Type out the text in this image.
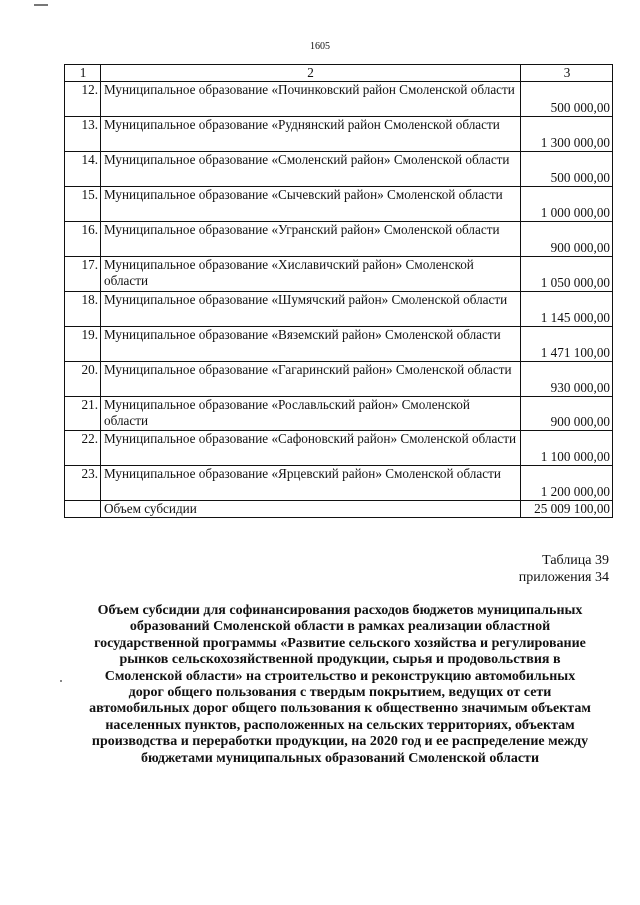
1605
1	2	3
12.	Муниципальное образование «Починковский район Смоленской области	500 000,00
13.	Муниципальное образование «Руднянский район Смоленской области	1 300 000,00
14.	Муниципальное образование «Смоленский район» Смоленской области	500 000,00
15.	Муниципальное образование «Сычевский район» Смоленской области	1 000 000,00
16.	Муниципальное образование «Угранский район» Смоленской области	900 000,00
17.	Муниципальное образование «Хиславичский район» Смоленской области	1 050 000,00
18.	Муниципальное образование «Шумячский район» Смоленской области	1 145 000,00
19.	Муниципальное образование «Вяземский район» Смоленской области	1 471 100,00
20.	Муниципальное образование «Гагаринский район» Смоленской области	930 000,00
21.	Муниципальное образование «Рославльский район» Смоленской области	900 000,00
22.	Муниципальное образование «Сафоновский район» Смоленской области	1 100 000,00
23.	Муниципальное образование «Ярцевский район» Смоленской области	1 200 000,00
	Объем субсидии	25 009 100,00
Таблица 39
приложения 34
Объем субсидии для софинансирования расходов бюджетов муниципальных
образований Смоленской области в рамках реализации областной
государственной программы «Развитие сельского хозяйства и регулирование
рынков сельскохозяйственной продукции, сырья и продовольствия в
Смоленской области» на строительство и реконструкцию автомобильных
дорог общего пользования с твердым покрытием, ведущих от сети
автомобильных дорог общего пользования к общественно значимым объектам
населенных пунктов, расположенных на сельских территориях, объектам
производства и переработки продукции, на 2020 год и ее распределение между
бюджетами муниципальных образований Смоленской области
